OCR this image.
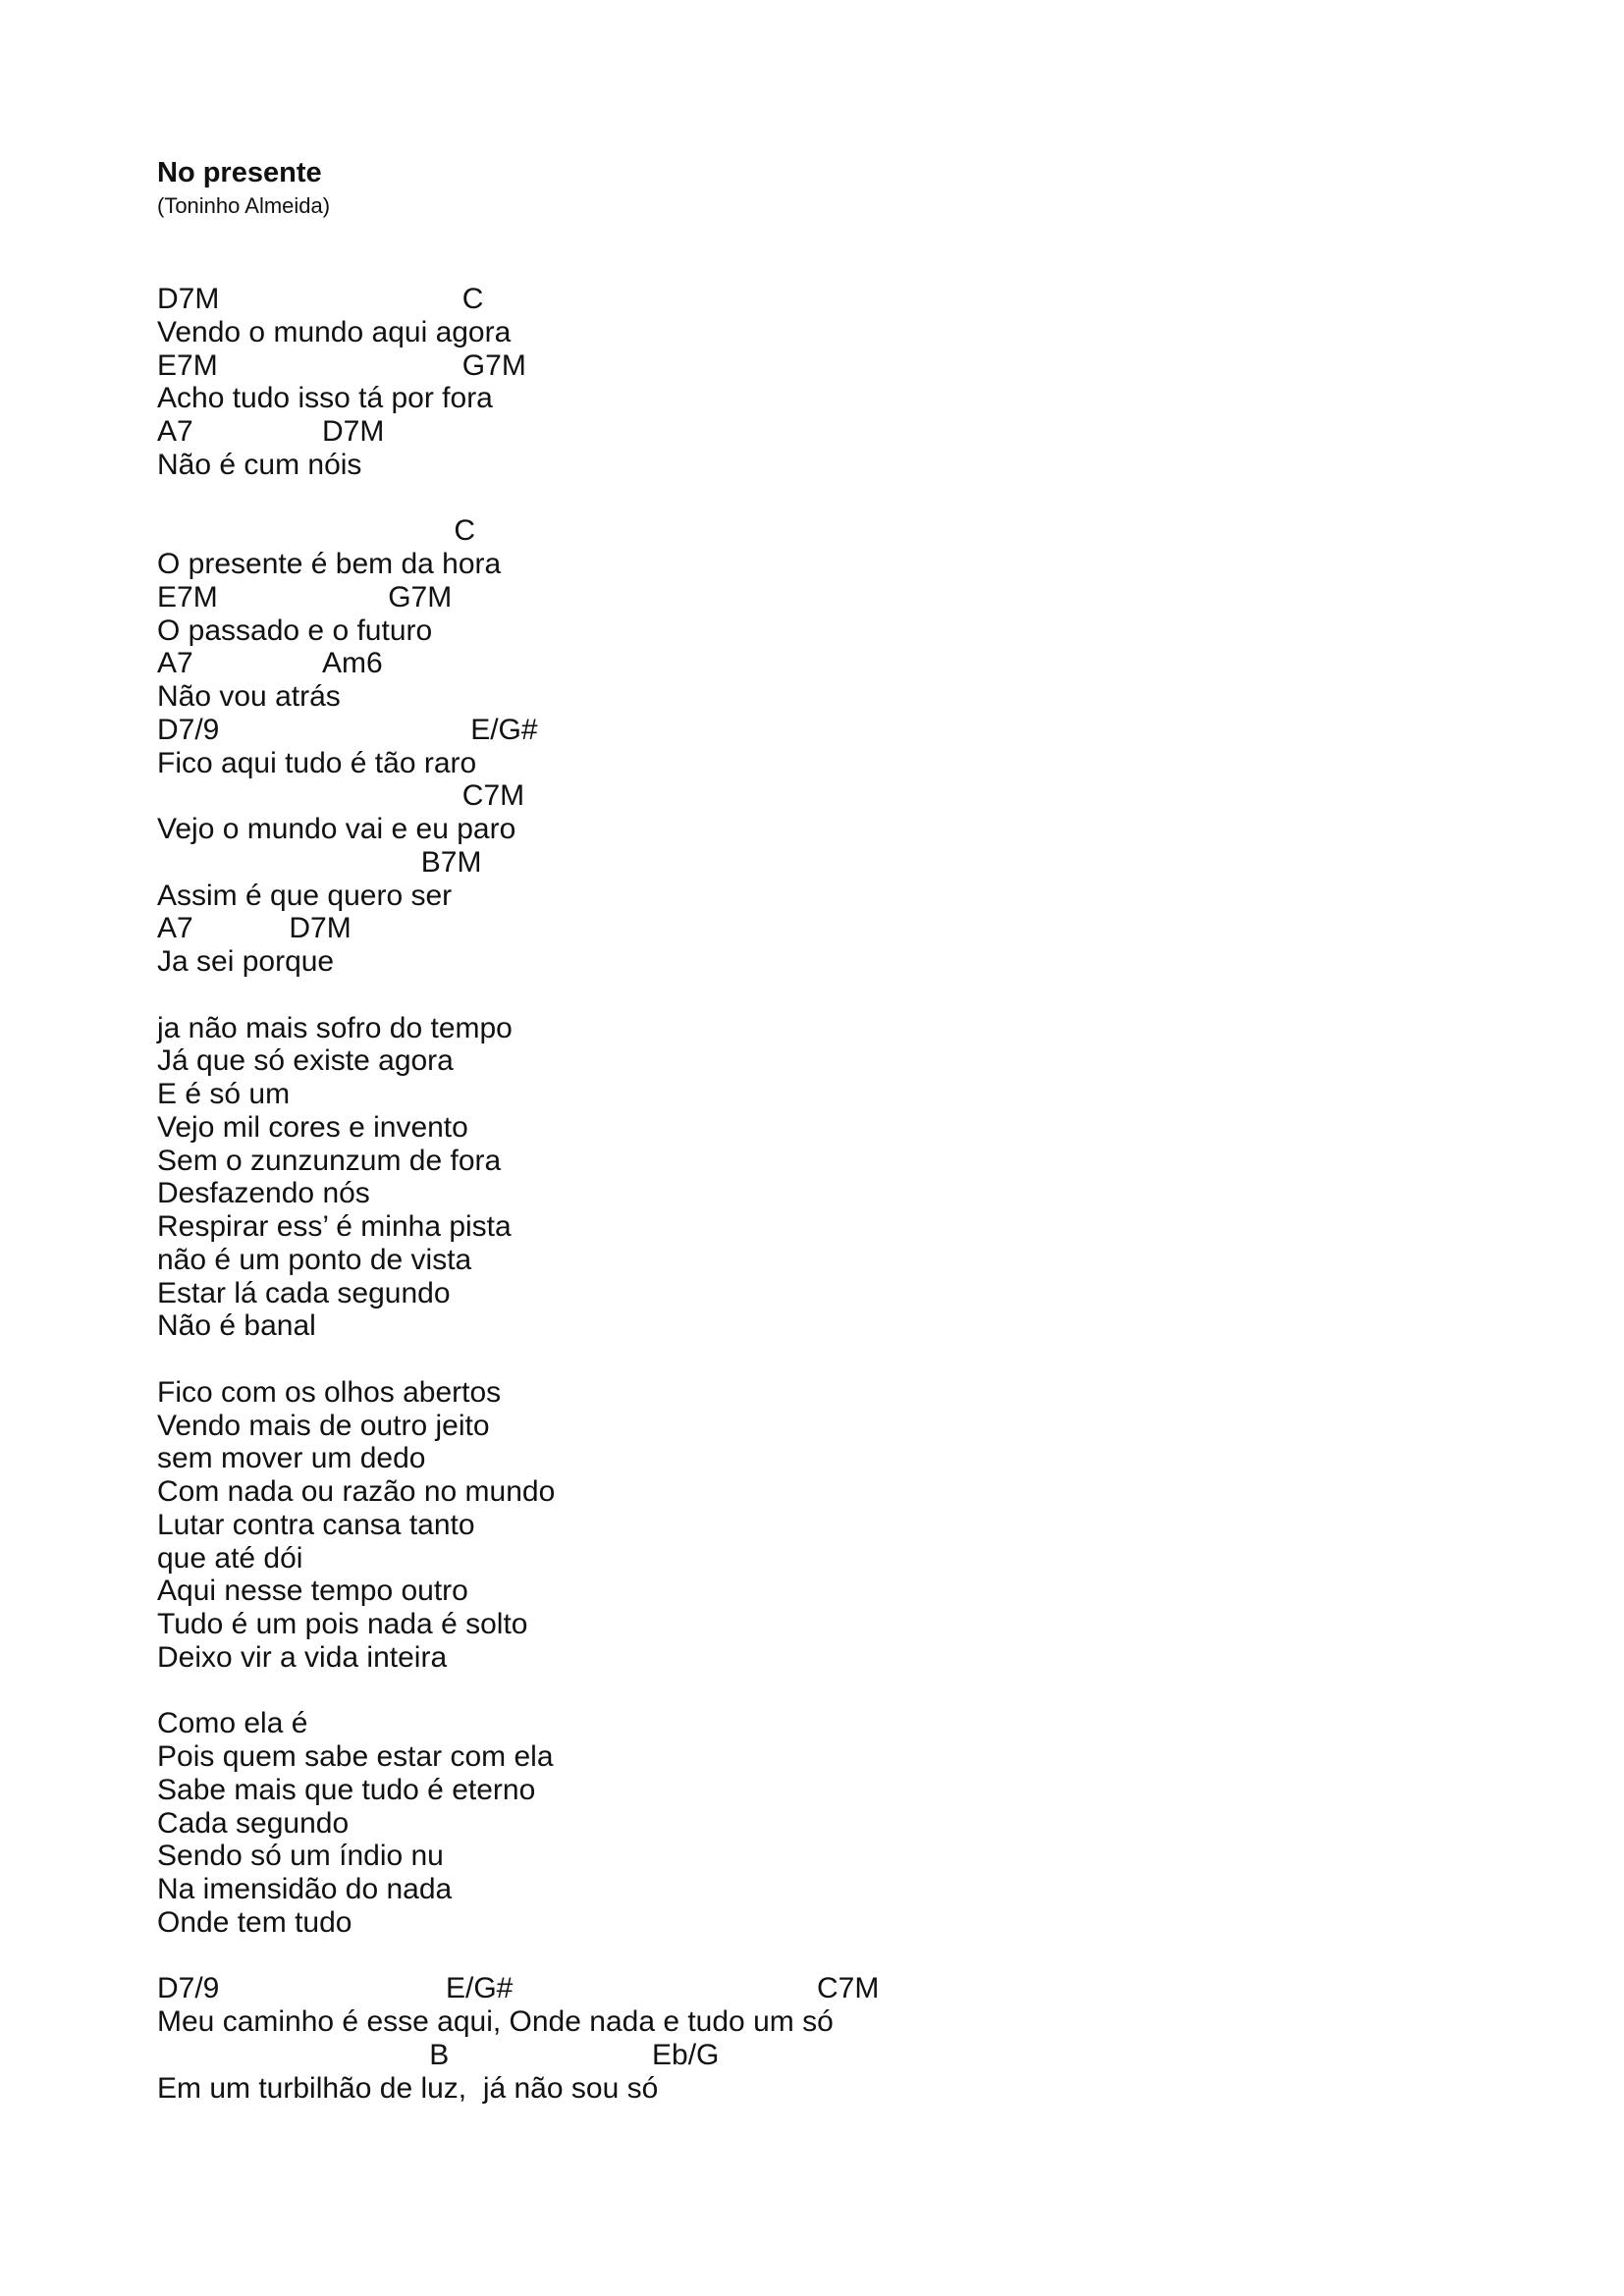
No presente
(Toninho Almeida)
D7M	C
Vendo o mundo aqui agora
E7M	G7M
Acho tudo isso tá por fora
A7	D7M
Não é cum nóis
C
O presente é bem da hora
E7M	G7M
O passado e o futuro
A7	Am6
Não vou atrás
D7/9	E/G#
Fico aqui tudo é tão raro
C7M
Vejo o mundo vai e eu paro
B7M
Assim é que quero ser
A7	D7M
Ja sei porque
ja não mais sofro do tempo
Já que só existe agora
E é só um
Vejo mil cores e invento
Sem o zunzunzum de fora
Desfazendo nós
Respirar ess’ é minha pista
não é um ponto de vista
Estar lá cada segundo
Não é banal
Fico com os olhos abertos
Vendo mais de outro jeito
sem mover um dedo
Com nada ou razão no mundo
Lutar contra cansa tanto
que até dói
Aqui nesse tempo outro
Tudo é um pois nada é solto
Deixo vir a vida inteira
Como ela é
Pois quem sabe estar com ela
Sabe mais que tudo é eterno
Cada segundo
Sendo só um índio nu
Na imensidão do nada
Onde tem tudo
D7/9	E/G#	C7M
Meu caminho é esse aqui, Onde nada e tudo um só
B	Eb/G
Em um turbilhão de luz,  já não sou só
